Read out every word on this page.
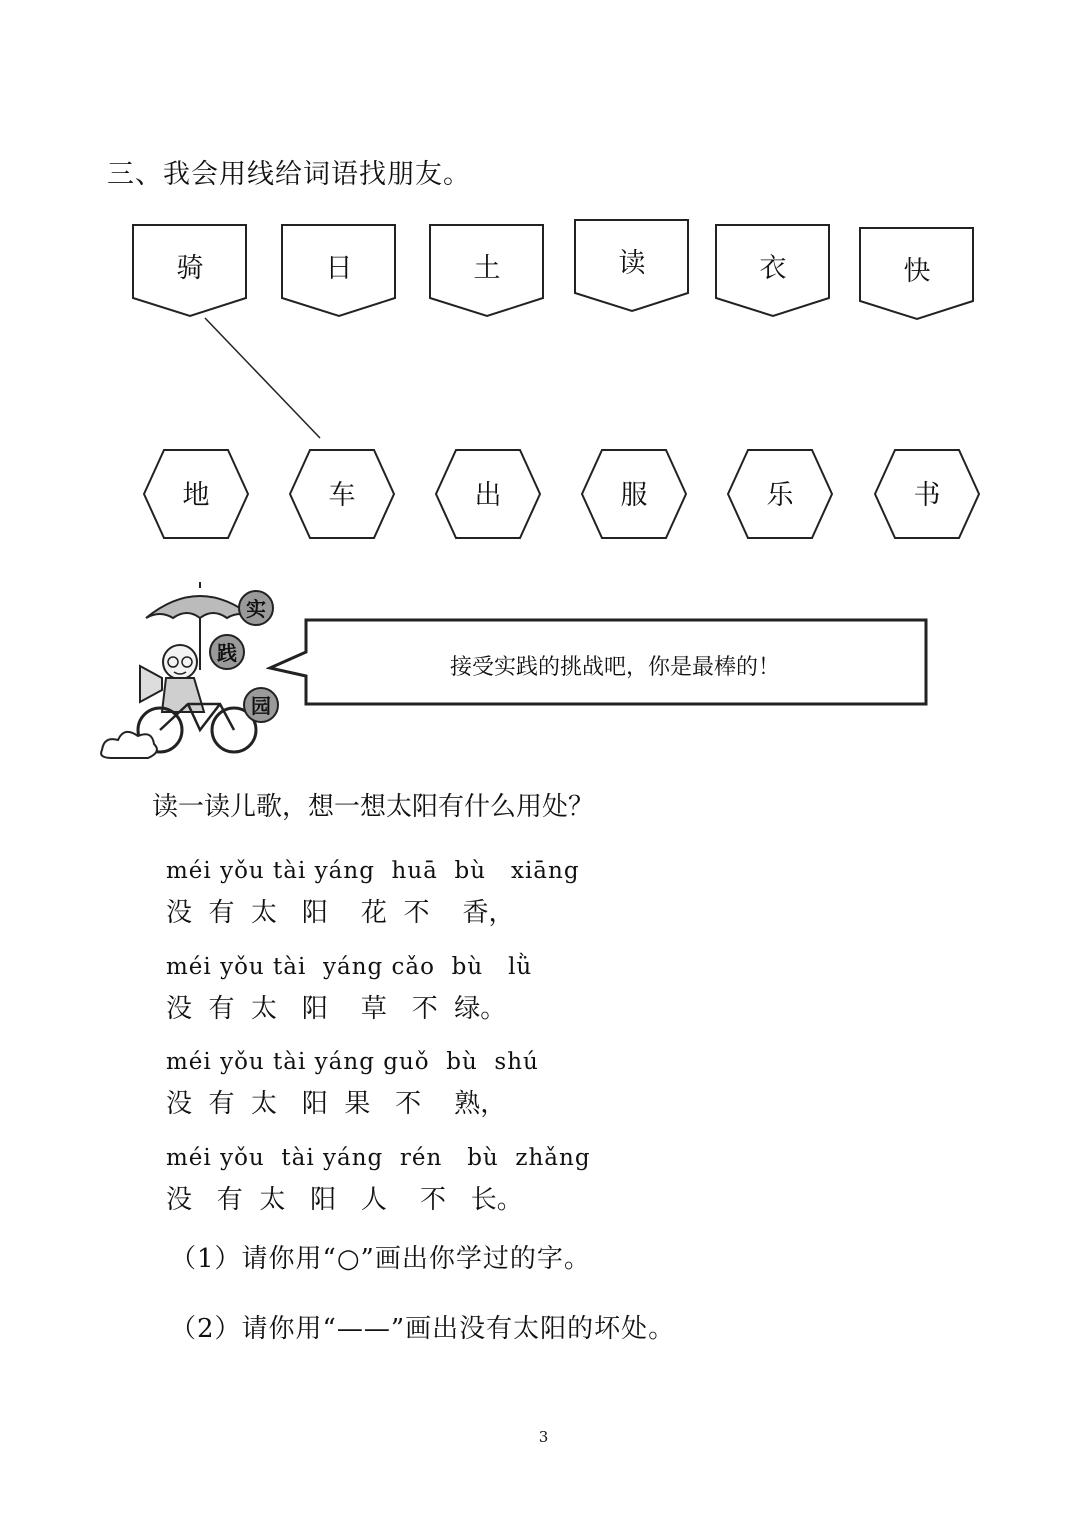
三、我会用线给词语找朋友。
骑	日	土	读	衣	快
地	车	出	服	乐	书
实
践
园
接受实践的挑战吧，你是最棒的！
读一读儿歌，想一想太阳有什么用处？
méi yǒu tài yáng  huā  bù   xiāng
没  有  太   阳    花  不    香，
méi yǒu tài  yáng cǎo  bù   lǜ
没  有  太   阳    草   不  绿。
méi yǒu tài yáng guǒ  bù  shú
没  有  太   阳  果   不    熟，
méi yǒu  tài yáng  rén   bù  zhǎng
没   有  太   阳   人    不   长。
（1）请你用“○”画出你学过的字。
（2）请你用“——”画出没有太阳的坏处。
3
